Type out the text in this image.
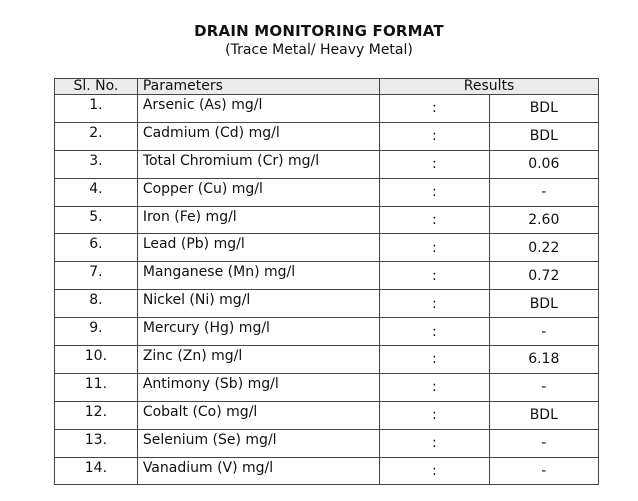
DRAIN MONITORING FORMAT
(Trace Metal/ Heavy Metal)
Sl. No.	Parameters	Results	
1.	Arsenic (As) mg/l	:	BDL
2.	Cadmium (Cd) mg/l	:	BDL
3.	Total Chromium (Cr) mg/l	:	0.06
4.	Copper (Cu) mg/l	:	-
5.	Iron (Fe) mg/l	:	2.60
6.	Lead (Pb) mg/l	:	0.22
7.	Manganese (Mn) mg/l	:	0.72
8.	Nickel (Ni) mg/l	:	BDL
9.	Mercury (Hg) mg/l	:	-
10.	Zinc (Zn) mg/l	:	6.18
11.	Antimony (Sb) mg/l	:	-
12.	Cobalt (Co) mg/l	:	BDL
13.	Selenium (Se) mg/l	:	-
14.	Vanadium (V) mg/l	:	-
